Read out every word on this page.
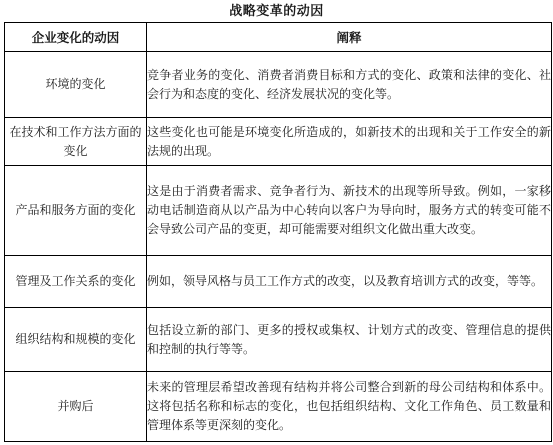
战略变革的动因
企业变化的动因	阐释
环境的变化	竞争者业务的变化、消费者消费目标和方式的变化、政策和法律的变化、社会行为和态度的变化、经济发展状况的变化等。
在技术和工作方法方面的变化	这些变化也可能是环境变化所造成的，如新技术的出现和关于工作安全的新法规的出现。
产品和服务方面的变化	这是由于消费者需求、竞争者行为、新技术的出现等所导致。例如，一家移动电话制造商从以产品为中心转向以客户为导向时，服务方式的转变可能不会导致公司产品的变更，却可能需要对组织文化做出重大改变。
管理及工作关系的变化	例如，领导风格与员工工作方式的改变，以及教育培训方式的改变，等等。
组织结构和规模的变化	包括设立新的部门、更多的授权或集权、计划方式的改变、管理信息的提供和控制的执行等等。
并购后	未来的管理层希望改善现有结构并将公司整合到新的母公司结构和体系中。这将包括名称和标志的变化，也包括组织结构、文化工作角色、员工数量和管理体系等更深刻的变化。
